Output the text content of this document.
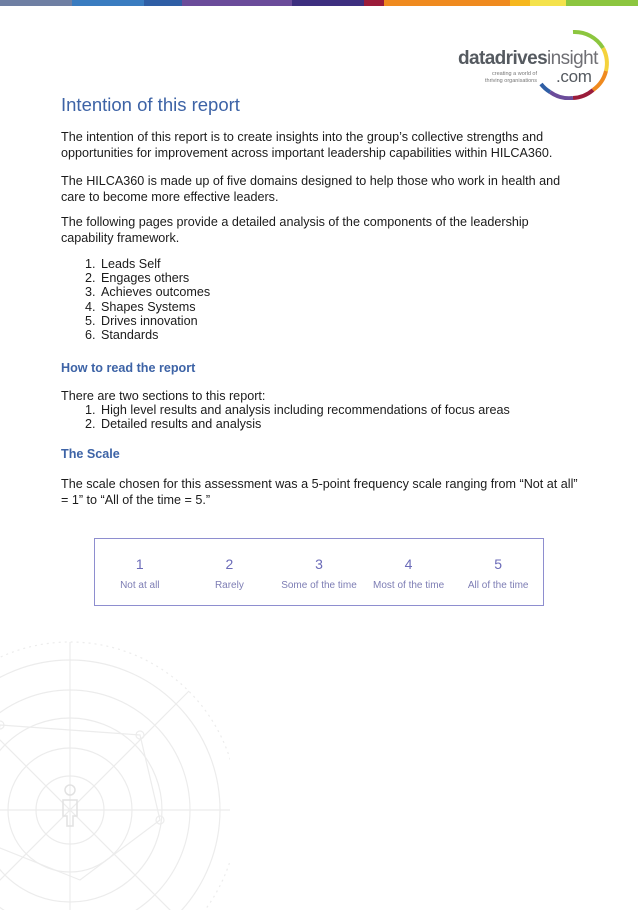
datadrivesinsight
.com
creating a world of
thriving organisations
Intention of this report

The intention of this report is to create insights into the group’s collective strengths and opportunities for improvement across important leadership capabilities within HILCA360.

The HILCA360 is made up of five domains designed to help those who work in health and care to become more effective leaders.

The following pages provide a detailed analysis of the components of the leadership capability framework.

1. Leads Self
2. Engages others
3. Achieves outcomes
4. Shapes Systems
5. Drives innovation
6. Standards
How to read the report

There are two sections to this report:

1. High level results and analysis including recommendations of focus areas
2. Detailed results and analysis
The Scale

The scale chosen for this assessment was a 5-point frequency scale ranging from “Not at all” = 1” to “All of the time = 5.”

1
Not at all
2
Rarely
3
Some of the time
4
Most of the time
5
All of the time
